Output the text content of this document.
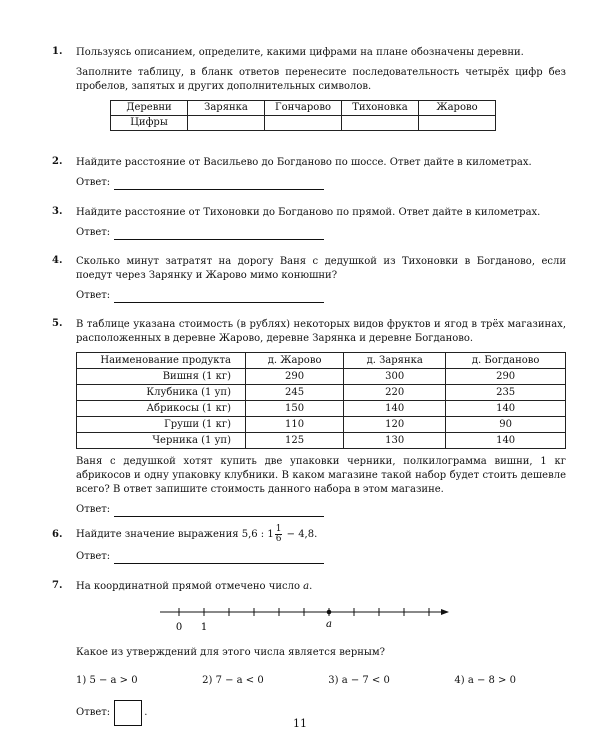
1. Пользуясь описанием, определите, какими цифрами на плане обозначены деревни.

Заполните таблицу, в бланк ответов перенесите последовательность четырёх цифр без пробелов, запятых и других дополнительных символов.

Деревни	Зарянка	Гончарово	Тихоновка	Жарово
Цифры				
2. Найдите расстояние от Васильево до Богданово по шоссе. Ответ дайте в километрах.

Ответ:
3. Найдите расстояние от Тихоновки до Богданово по прямой. Ответ дайте в километрах.

Ответ:
4. Сколько минут затратят на дорогу Ваня с дедушкой из Тихоновки в Богданово, если поедут через Зарянку и Жарово мимо конюшни?

Ответ:
5. В таблице указана стоимость (в рублях) некоторых видов фруктов и ягод в трёх магазинах, расположенных в деревне Жарово, деревне Зарянка и деревне Богданово.

Наименование продукта	д. Жарово	д. Зарянка	д. Богданово
Вишня (1 кг)	290	300	290
Клубника (1 уп)	245	220	235
Абрикосы (1 кг)	150	140	140
Груши (1 кг)	110	120	90
Черника (1 уп)	125	130	140

Ваня с дедушкой хотят купить две упаковки черники, полкилограмма вишни, 1 кг абрикосов и одну упаковку клубники. В каком магазине такой набор будет стоить дешевле всего? В ответ запишите стоимость данного набора в этом магазине.

Ответ:
6. Найдите значение выражения 5,6 : $1 \frac{1}{6} - 4,8$.

Ответ:
7. На координатной прямой отмечено число a.

0 1	a

Какое из утверждений для этого числа является верным?

1) 5 − a > 0	2) 7 − a < 0	3) a − 7 < 0	4) a − 8 > 0
Ответ:	.
11
